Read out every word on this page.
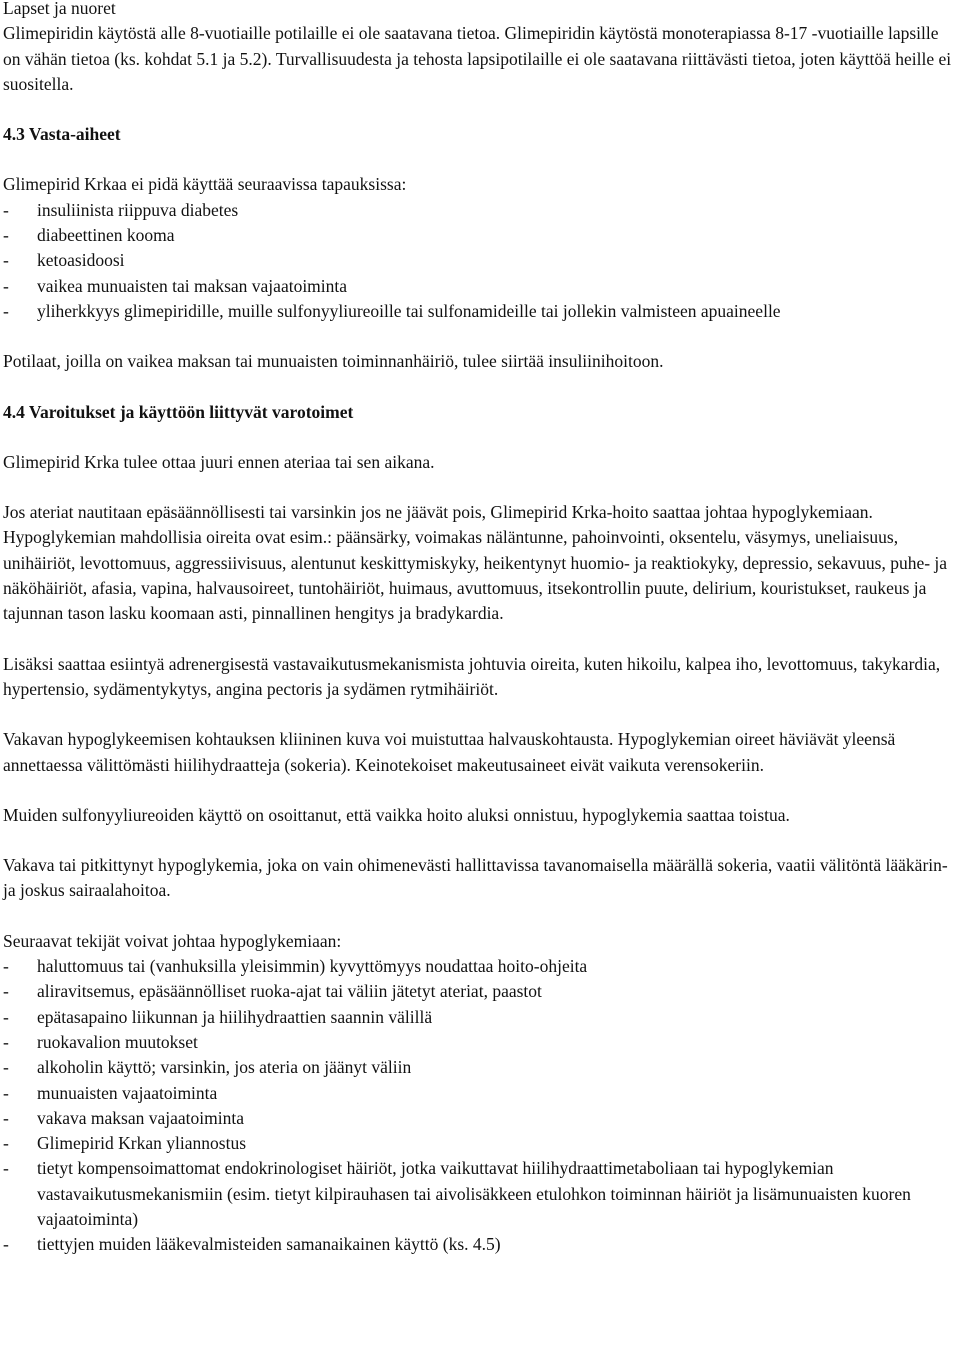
Lapset ja nuoret

Glimepiridin käytöstä alle 8-vuotiaille potilaille ei ole saatavana tietoa. Glimepiridin käytöstä monoterapiassa 8-17 -vuotiaille lapsille on vähän tietoa (ks. kohdat 5.1 ja 5.2). Turvallisuudesta ja tehosta lapsipotilaille ei ole saatavana riittävästi tietoa, joten käyttöä heille ei suositella.

4.3 Vasta-aiheet

Glimepirid Krkaa ei pidä käyttää seuraavissa tapauksissa:

- insuliinista riippuva diabetes
- diabeettinen kooma
- ketoasidoosi
- vaikea munuaisten tai maksan vajaatoiminta
- yliherkkyys glimepiridille, muille sulfonyyliureoille tai sulfonamideille tai jollekin valmisteen apuaineelle

Potilaat, joilla on vaikea maksan tai munuaisten toiminnanhäiriö, tulee siirtää insuliinihoitoon.

4.4 Varoitukset ja käyttöön liittyvät varotoimet

Glimepirid Krka tulee ottaa juuri ennen ateriaa tai sen aikana.

Jos ateriat nautitaan epäsäännöllisesti tai varsinkin jos ne jäävät pois, Glimepirid Krka-hoito saattaa johtaa hypoglykemiaan. Hypoglykemian mahdollisia oireita ovat esim.: päänsärky, voimakas näläntunne, pahoinvointi, oksentelu, väsymys, uneliaisuus, unihäiriöt, levottomuus, aggressiivisuus, alentunut keskittymiskyky, heikentynyt huomio- ja reaktiokyky, depressio, sekavuus, puhe- ja näköhäiriöt, afasia, vapina, halvausoireet, tuntohäiriöt, huimaus, avuttomuus, itsekontrollin puute, delirium, kouristukset, raukeus ja tajunnan tason lasku koomaan asti, pinnallinen hengitys ja bradykardia.

Lisäksi saattaa esiintyä adrenergisestä vastavaikutusmekanismista johtuvia oireita, kuten hikoilu, kalpea iho, levottomuus, takykardia, hypertensio, sydämentykytys, angina pectoris ja sydämen rytmihäiriöt.

Vakavan hypoglykeemisen kohtauksen kliininen kuva voi muistuttaa halvauskohtausta. Hypoglykemian oireet häviävät yleensä annettaessa välittömästi hiilihydraatteja (sokeria). Keinotekoiset makeutusaineet eivät vaikuta verensokeriin.

Muiden sulfonyyliureoiden käyttö on osoittanut, että vaikka hoito aluksi onnistuu, hypoglykemia saattaa toistua.

Vakava tai pitkittynyt hypoglykemia, joka on vain ohimenevästi hallittavissa tavanomaisella määrällä sokeria, vaatii välitöntä lääkärin- ja joskus sairaalahoitoa.

Seuraavat tekijät voivat johtaa hypoglykemiaan:

- haluttomuus tai (vanhuksilla yleisimmin) kyvyttömyys noudattaa hoito-ohjeita
- aliravitsemus, epäsäännölliset ruoka-ajat tai väliin jätetyt ateriat, paastot
- epätasapaino liikunnan ja hiilihydraattien saannin välillä
- ruokavalion muutokset
- alkoholin käyttö; varsinkin, jos ateria on jäänyt väliin
- munuaisten vajaatoiminta
- vakava maksan vajaatoiminta
- Glimepirid Krkan yliannostus
- tietyt kompensoimattomat endokrinologiset häiriöt, jotka vaikuttavat hiilihydraattimetaboliaan tai hypoglykemian vastavaikutusmekanismiin (esim. tietyt kilpirauhasen tai aivolisäkkeen etulohkon toiminnan häiriöt ja lisämunuaisten kuoren vajaatoiminta)
- tiettyjen muiden lääkevalmisteiden samanaikainen käyttö (ks. 4.5)
